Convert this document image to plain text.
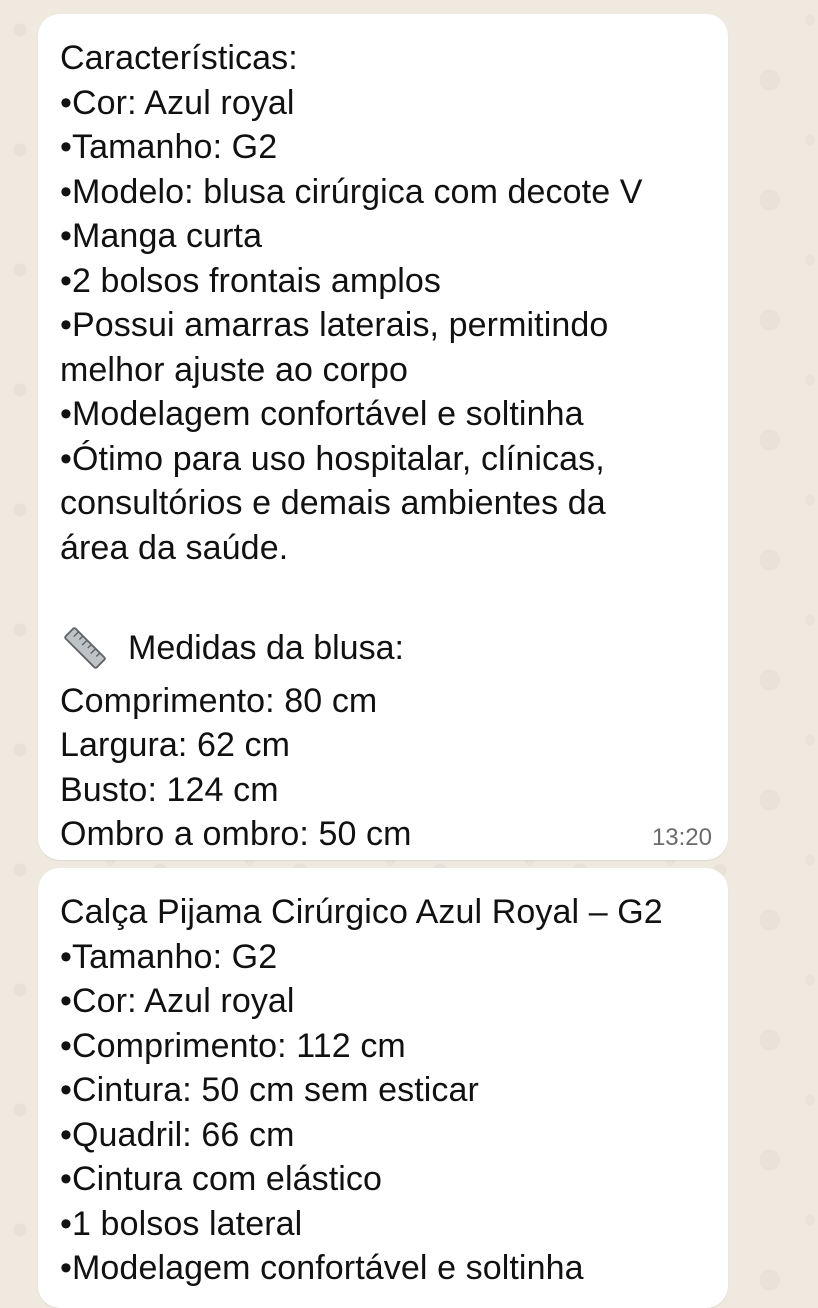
Características:
•Cor: Azul royal
•Tamanho: G2
•Modelo: blusa cirúrgica com decote V
•Manga curta
•2 bolsos frontais amplos
•Possui amarras laterais, permitindo
melhor ajuste ao corpo
•Modelagem confortável e soltinha
•Ótimo para uso hospitalar, clínicas,
consultórios e demais ambientes da
área da saúde.
Medidas da blusa:
Comprimento: 80 cm
Largura: 62 cm
Busto: 124 cm
Ombro a ombro: 50 cm	13:20
Calça Pijama Cirúrgico Azul Royal – G2
•Tamanho: G2
•Cor: Azul royal
•Comprimento: 112 cm
•Cintura: 50 cm sem esticar
•Quadril: 66 cm
•Cintura com elástico
•1 bolsos lateral
•Modelagem confortável e soltinha
